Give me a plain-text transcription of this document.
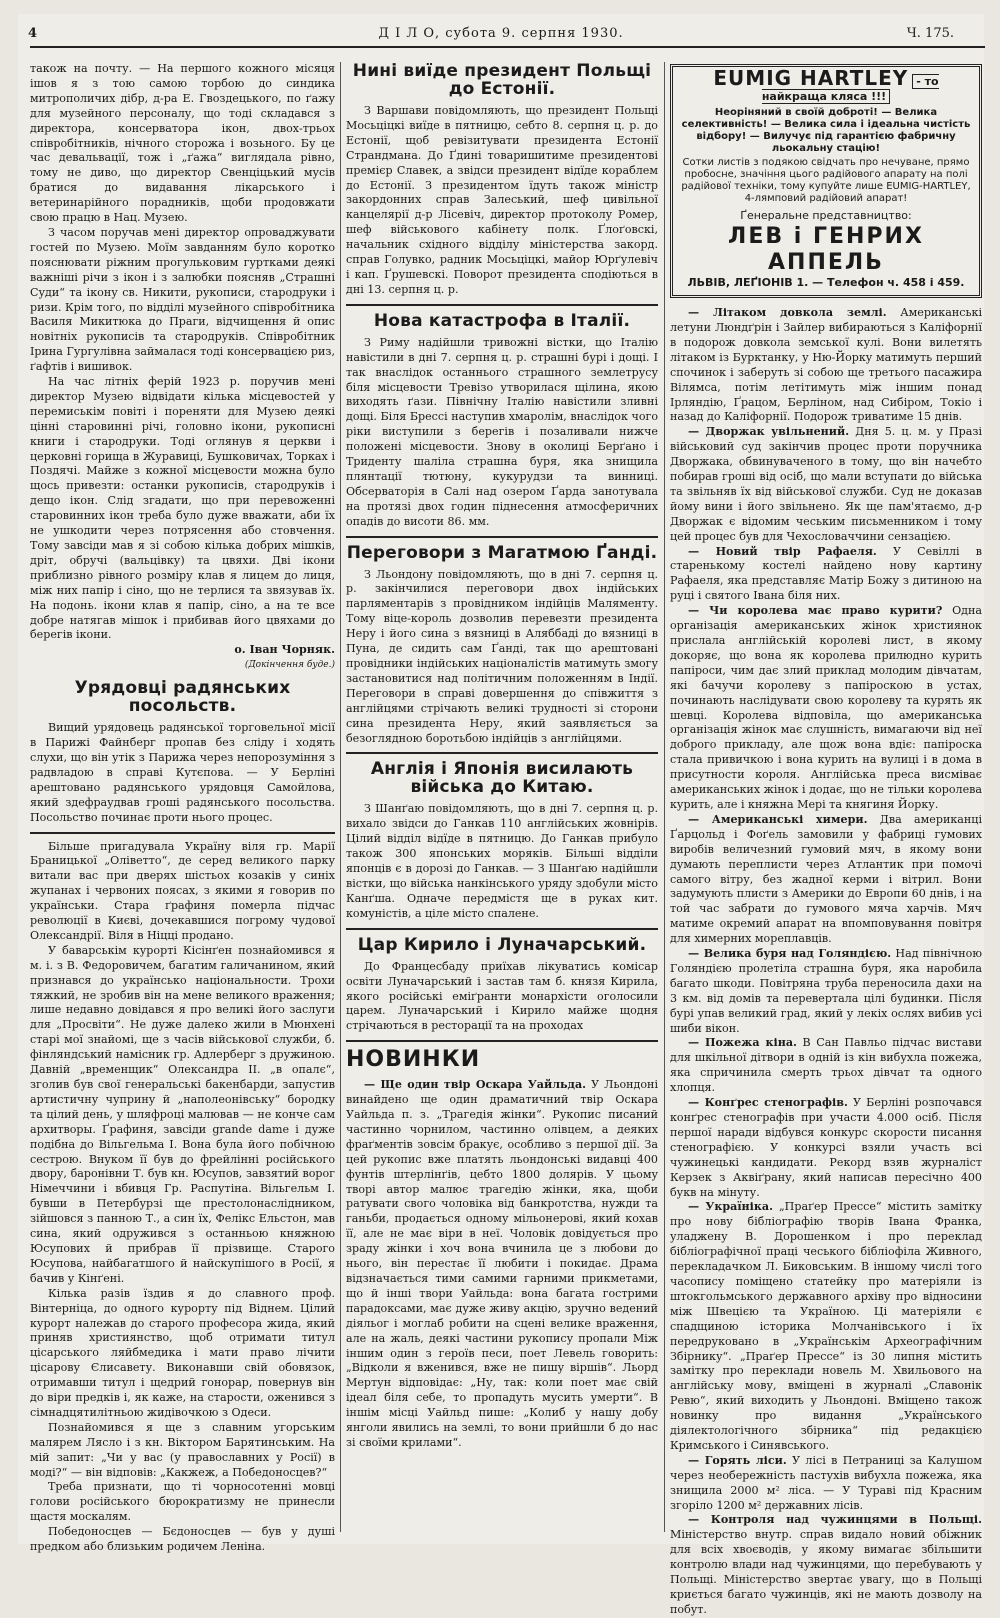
4	Д І Л О, субота 9. серпня 1930.	Ч. 175.

також на почту. — На першого кожного місяця ішов я з тою самою торбою до синдика митрополичих дібр, д-ра Е. Гвоздецького, по ґажу для музейного персоналу, що тоді складався з директора, консерватора ікон, двох-трьох співробітників, нічного сторожа і возьного. Бу це час девальвації, тож і „ґажа“ виглядала рівно, тому не диво, що директор Свенціцький мусів братися до видавання лікарського і ветеринарійного порадників, щоби продовжати свою працю в Нац. Музею.

З часом поручав мені директор опроваджувати гостей по Музею. Моїм завданням було коротко пояснювати ріжним прогульковим гуртками деякі важніші річи з ікон і з залюбки поясняв „Страшні Суди“ та ікону св. Никити, рукописи, стародруки і ризи. Крім того, по відділі музейного співробітника Василя Микитюка до Праги, відчищення й опис новітніх рукописів та стародруків. Співробітник Ірина Гургулівна займалася тоді консервацією риз, ґафтів і вишивок.

На час літніх ферій 1923 р. поручив мені директор Музею відвідати кілька місцевостей у перемиськім повіті і пореняти для Музею деякі цінні старовинні річі, головно ікони, рукописні книги і стародруки. Тоді оглянув я церкви і церковні горища в Журавиці, Бушковичах, Торках і Поздячі. Майже з кожної місцевости можна було щось привезти: останки рукописів, стародруків і дещо ікон. Слід згадати, що при перевоженні старовинних ікон треба було дуже вважати, аби їх не ушкодити через потрясення або стовчення. Тому завсіди мав я зі собою кілька добрих мішків, дріт, обручі (вальцівку) та цвяхи. Дві ікони приблизно рівного розміру клав я лицем до лиця, між них папір і сіно, що не терлися та звязував їх. На подонь. ікони клав я папір, сіно, а на те все добре натягав мішок і прибивав його цвяхами до берегів ікони.

о. Іван Чорняк.

(Докінчення буде.)

Урядовці радянських посольств.

Вищий урядовець радянської торговельної місії в Парижі Файнберг пропав без сліду і ходять слухи, що він утік з Парижа через непорозуміння з радвладою в справі Кутєпова. — У Берліні арештовано радянського урядовця Самойлова, який здефраудвав гроші радянського посольства. Посольство починає проти нього процес.

Більше пригадувала Україну віля гр. Марії Браницької „Оліветто“, де серед великого парку витали вас при дверях шістьох козаків у синіх жупанах і червоних поясах, з якими я говорив по українськи. Стара ґрафиня померла підчас революції в Києві, дочекавшися погрому чудової Олександрії. Віля в Ніцці продано.

У баварськім курорті Кісінґен познайомився я м. і. з В. Федоровичем, багатим галичанином, який признався до українсько національности. Трохи тяжкий, не зробив він на мене великого враження; лише недавно довідався я про великі його заслуги для „Просвіти“. Не дуже далеко жили в Мюнхені старі мої знайомі, ще з часів військової служби, б. фінляндський намісник гр. Адлерберг з дружиною. Давній „временщик“ Олександра ІІ. „в опалє“, зголив був свої генеральські бакенбарди, запустив артистичну чуприну й „наполеонівську“ бородку та цілий день, у шляфроці малював — не конче сам архитворы. Ґрафиня, завсіди grande dame і дуже подібна до Вільгельма І. Вона була його побічною сестрою. Внуком її був до фрейлінні російського двору, баронівни Т. був кн. Юсупов, завзятий ворог Німеччини і вбивця Гр. Распутіна. Вільгельм І. бувши в Петербурзі ще престолонаслідником, зійшовся з панною Т., а син їх, Фелікс Ельстон, мав сина, який одружився з останньою княжною Юсупових й прибрав її прізвище. Старого Юсупова, найбагатшого й найскупішого в Росії, я бачив у Кінґені.

Кілька разів їздив я до славного проф. Вінтерніца, до одного курорту під Віднем. Цілий курорт належав до старого професора жида, який приняв християнство, щоб отримати титул цісарського ляйбмедика і мати право лічити цісарову Єлисавету. Виконавши свій обовязок, отримавши титул і щедрий гонорар, повернув він до віри предків і, як каже, на старости, оженився з сімнадцятилітньою жидівочкою з Одеси.

Познайомився я ще з славним угорським малярем Лясло і з кн. Віктором Барятинським. На мій запит: „Чи у вас (у православних у Росії) в моді?“ — він відповів: „Какжеж, а Победоносцев?“

Треба признати, що ті чорносотенні мовці голови російського бюрократизму не принесли щастя москалям.

Победоносцев — Бєдоносцев — був у душі предком або близьким родичем Леніна.

Нині виїде президент Польщі до Естонії.

З Варшави повідомляють, що президент Польщі Мосьціцкі виїде в пятницю, себто 8. серпня ц. р. до Естонії, щоб ревізитувати президента Естонії Страндмана. До Ґдині товаришитиме президентові премієр Славек, а звідси президент відїде кораблем до Естонії. З президентом їдуть також міністр закордонних справ Залеський, шеф цивільної канцелярії д-р Лісевіч, директор протоколу Ромер, шеф військового кабінету полк. Ґлоґовскі, начальник східного відділу міністерства закорд. справ Голувко, радник Мосьціцкі, майор Юрґулевіч і кап. Ґрушевскі. Поворот президента сподіються в дні 13. серпня ц. р.

Нова катастрофа в Італії.

З Риму надійшли тривожні вістки, що Італію навістили в дні 7. серпня ц. р. страшні бурі і дощі. І так внаслідок останнього страшного землетрусу біля місцевости Тревізо утворилася щілина, якою виходять ґази. Північну Італію навістили зливні дощі. Біля Брессі наступив хмаролім, внаслідок чого ріки виступили з берегів і позаливали нижче положені місцевости. Знову в околиці Берґано і Триденту шаліла страшна буря, яка знищила плянтації тютюну, кукурудзи та винниці. Обсерваторія в Салі над озером Ґарда занотувала на протязі двох годин піднесення атмосферичних опадів до висоти 86. мм.

Переговори з Магатмою Ґанді.

З Льондону повідомляють, що в дні 7. серпня ц. р. закінчилися переговори двох індійських парляментарів з провідником індійців Маляменту. Тому віце-король дозволив перевезти президента Неру і його сина з вязниці в Аляббаді до вязниці в Пуна, де сидить сам Ґанді, так що арештовані провідники індійських націоналістів матимуть змогу застановитися над політичним положенням в Індії. Переговори в справі довершення до співжиття з англійцями стрічають великі трудності зі сторони сина президента Неру, який заявляється за безоглядною боротьбою індійців з англійцями.

Англія і Японія висилають війська до Китаю.

З Шанґаю повідомляють, що в дні 7. серпня ц. р. вихало звідси до Ганкав 110 англійських жовнірів. Цілий відділ відїде в пятницю. До Ганкав прибуло також 300 японських моряків. Більші відділи японців є в дорозі до Ганкав. — З Шанґаю надійшли вістки, що війська нанкінського уряду здобули місто Канґша. Одначе передмістя ще в руках кит. комуністів, а ціле місто спалене.

Цар Кирило і Луначарський.

До Францесбаду приїхав лікуватись комісар освіти Луначарський і застав там б. князя Кирила, якого російські еміґранти монархісти оголосили царем. Луначарський і Кирило майже щодня стрічаються в ресторації та на проходах

НОВИНКИ

— Ще один твір Оскара Уайльда. У Льондоні винайдено ще один драматичний твір Оскара Уайльда п. з. „Трагедія жінки“. Рукопис писаний частинно чорнилом, частинно олівцем, а деяких фраґментів зовсім бракує, особливо з першої дії. За цей рукопис вже платять льондонські видавці 400 фунтів штерлінґів, цебто 1800 долярів. У цьому творі автор малює трагедію жінки, яка, щоби ратувати свого чоловіка від банкротства, нужди та ганьби, продається одному мільонерові, який кохав її, але не має віри в неї. Чоловік довідується про зраду жінки і хоч вона вчинила це з любови до нього, він перестає її любити і покидає. Драма відзначається тими самими гарними прикметами, що й інші твори Уайльда: вона багата гострими парадоксами, має дуже живу акцію, зручно ведений діяльог і моглаб робити на сцені велике враження, але на жаль, деякі частини рукопису пропали Між іншим один з героїв песи, поет Левель говорить: „Відколи я вженився, вже не пишу віршів“. Льорд Мертун відповідає: „Ну, так: коли поет має свій ідеал біля себе, то пропадуть мусить умерти“. В іншім місці Уайльд пише: „Колиб у нашу добу янголи явились на землі, то вони прийшли б до нас зі своїми крилами“.

EUMIG HARTLEY - то найкраща кляса !!!
Неоріняний в своїй доброті! — Велика селективність! — Велика сила і ідеальна чистість відбору! — Вилучує під гарантією фабричну льокальну стацію!
Сотки листів з подякою свідчать про нечуване, прямо пробосне, значіння цього радійового апарату на полі радійової техніки, тому купуйте лише EUMIG-HARTLEY, 4-лямповий радійовий апарат!
Ґенеральне представництво:
ЛЕВ і ГЕНРИХ АППЕЛЬ
ЛЬВІВ, ЛЕҐІОНІВ 1. — Телефон ч. 458 і 459.

— Літаком довкола землі. Американські летуни Люндґрін і Зайлер вибираються з Каліфорнії в подорож довкола земської кулі. Вони вилетять літаком із Бурктанку, у Ню-Йорку матимуть перший спочинок і заберуть зі собою ще третього пасажира Вілямса, потім летітимуть між іншим понад Ірляндію, Ґрацом, Берліном, над Сибіром, Токіо і назад до Каліфорнії. Подорож триватиме 15 днів.

— Дворжак увільнений. Дня 5. ц. м. у Празі військовий суд закінчив процес проти поручника Дворжака, обвинуваченого в тому, що він начебто побирав гроші від осіб, що мали вступати до війська та звільняв їх від військової служби. Суд не доказав йому вини і його звільнено. Як ще пам'ятаємо, д-р Дворжак є відомим чеським письменником і тому цей процес був для Чехословаччини сензацією.

— Новий твір Рафаеля. У Севіллі в старенькому костелі найдено нову картину Рафаеля, яка представляє Матір Божу з дитиною на руці і святого Івана біля них.

— Чи королева має право курити? Одна організація американських жінок християнок прислала англійській королеві лист, в якому докоряє, що вона як королева прилюдно курить папіроси, чим дає злий приклад молодим дівчатам, які бачучи королеву з папіроскою в устах, починають наслідувати свою королеву та курять як шевці. Королева відповіла, що американська організація жінок має слушність, вимагаючи від неї доброго прикладу, але щож вона вдіє: папіроска стала привичкою і вона курить на вулиці і в дома в присутности короля. Англійська преса висміває американських жінок і додає, що не тільки королева курить, але і княжна Мері та княгиня Йорку.

— Американські химери. Два американці Ґарцольд і Фоґель замовили у фабриці гумових виробів величезний гумовий мяч, в якому вони думають переплисти через Атлантик при помочі самого вітру, без жадної керми і вітрил. Вони задумують плисти з Америки до Европи 60 днів, і на той час забрати до гумового мяча харчів. Мяч матиме окремий апарат на впомповування повітря для химерних мореплавців.

— Велика буря над Голяндією. Над північною Голяндією пролетіла страшна буря, яка наробила багато шкоди. Повітряна труба переносила дахи на 3 км. від домів та перевертала цілі будинки. Після бурі упав великий град, який у лекіх ослях вибив усі шиби вікон.

— Пожежа кіна. В Сан Павльо підчас вистави для шкільної дітвори в одній із кін вибухла пожежа, яка спричинила смерть трьох дівчат та одного хлопця.

— Конґрес стенографів. У Берліні розпочався конґрес стенографів при участи 4.000 осіб. Після першої наради відбувся конкурс скорости писання стенографією. У конкурсі взяли участь всі чужинецькі кандидати. Рекорд взяв журналіст Керзек з Аквіґрану, який написав пересічно 400 букв на мінуту.

— Україніка. „Праґер Прессе“ містить замітку про нову бібліографію творів Івана Франка, уладжену В. Дорошенком і про переклад бібліографічної праці чеського бібліофіла Живного, перекладачком Л. Биковським. В іншому числі того часопису поміщено статейку про матеріяли із штокгольмського державного архіву про відносини між Швецією та Україною. Ці матеріяли є спадщиною історика Молчанівського і їх передруковано в „Українськім Археографічним Збірнику“. „Праґер Прессе“ із 30 липня містить замітку про переклади новель М. Хвильового на англійську мову, вміщені в журналі „Славонік Ревю“, який виходить у Льондоні. Вміщено також новинку про видання „Українського діялектологічного збірника“ під редакцією Кримського і Синявського.

— Горять ліси. У лісі в Петраниці за Калушом через необережність пастухів вибухла пожежа, яка знищила 2000 м² ліса. — У Тураві під Красним згоріло 1200 м² державних лісів.

— Контроля над чужинцями в Польщі. Міністерство внутр. справ видало новий обіжник для всіх хвоєводів, у якому вимагає збільшити контролю влади над чужинцями, що перебувають у Польщі. Міністерство звертає увагу, що в Польщі криється багато чужинців, які не мають дозволу на побут.
